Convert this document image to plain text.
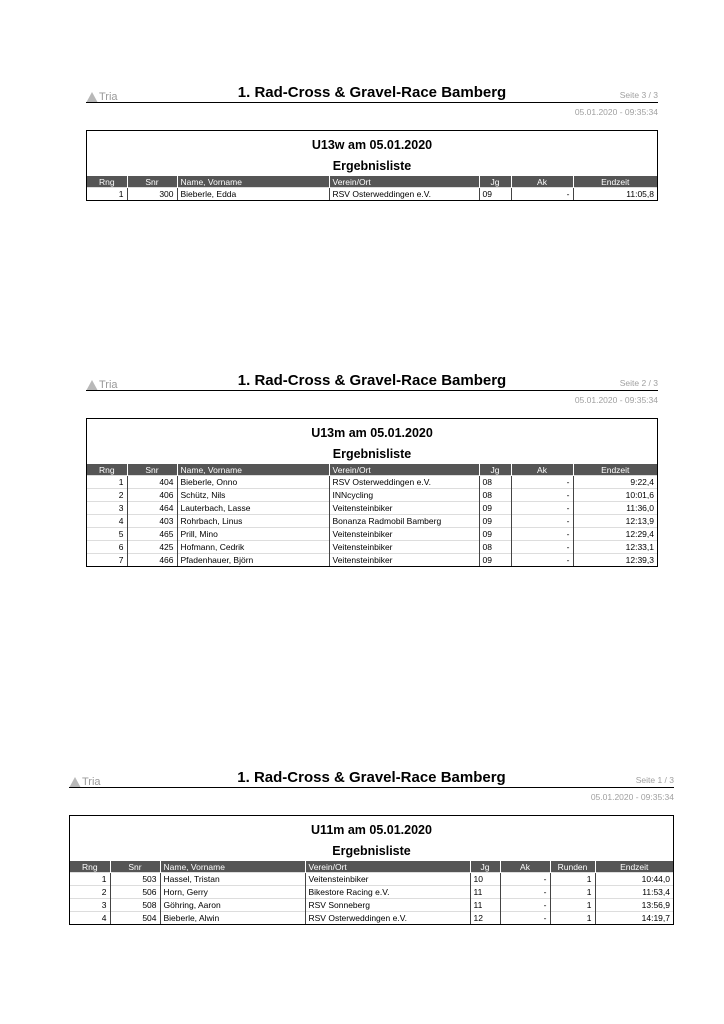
Tria	1. Rad-Cross & Gravel-Race Bamberg	Seite 3 / 3
05.01.2020 - 09:35:34
U13w am 05.01.2020
Ergebnisliste
Rng	Snr	Name, Vorname	Verein/Ort	Jg	Ak	Endzeit
1	300	Bieberle, Edda	RSV Osterweddingen e.V.	09	-	11:05,8
Tria	1. Rad-Cross & Gravel-Race Bamberg	Seite 2 / 3
05.01.2020 - 09:35:34
U13m am 05.01.2020
Ergebnisliste
Rng	Snr	Name, Vorname	Verein/Ort	Jg	Ak	Endzeit
1	404	Bieberle, Onno	RSV Osterweddingen e.V.	08	-	9:22,4
2	406	Schütz, Nils	INNcycling	08	-	10:01,6
3	464	Lauterbach, Lasse	Veitensteinbiker	09	-	11:36,0
4	403	Rohrbach, Linus	Bonanza Radmobil Bamberg	09	-	12:13,9
5	465	Prill, Mino	Veitensteinbiker	09	-	12:29,4
6	425	Hofmann, Cedrik	Veitensteinbiker	08	-	12:33,1
7	466	Pfadenhauer, Björn	Veitensteinbiker	09	-	12:39,3
Tria	1. Rad-Cross & Gravel-Race Bamberg	Seite 1 / 3
05.01.2020 - 09:35:34
U11m am 05.01.2020
Ergebnisliste
Rng	Snr	Name, Vorname	Verein/Ort	Jg	Ak	Runden	Endzeit
1	503	Hassel, Tristan	Veitensteinbiker	10	-	1	10:44,0
2	506	Horn, Gerry	Bikestore Racing e.V.	11	-	1	11:53,4
3	508	Göhring, Aaron	RSV Sonneberg	11	-	1	13:56,9
4	504	Bieberle, Alwin	RSV Osterweddingen e.V.	12	-	1	14:19,7
